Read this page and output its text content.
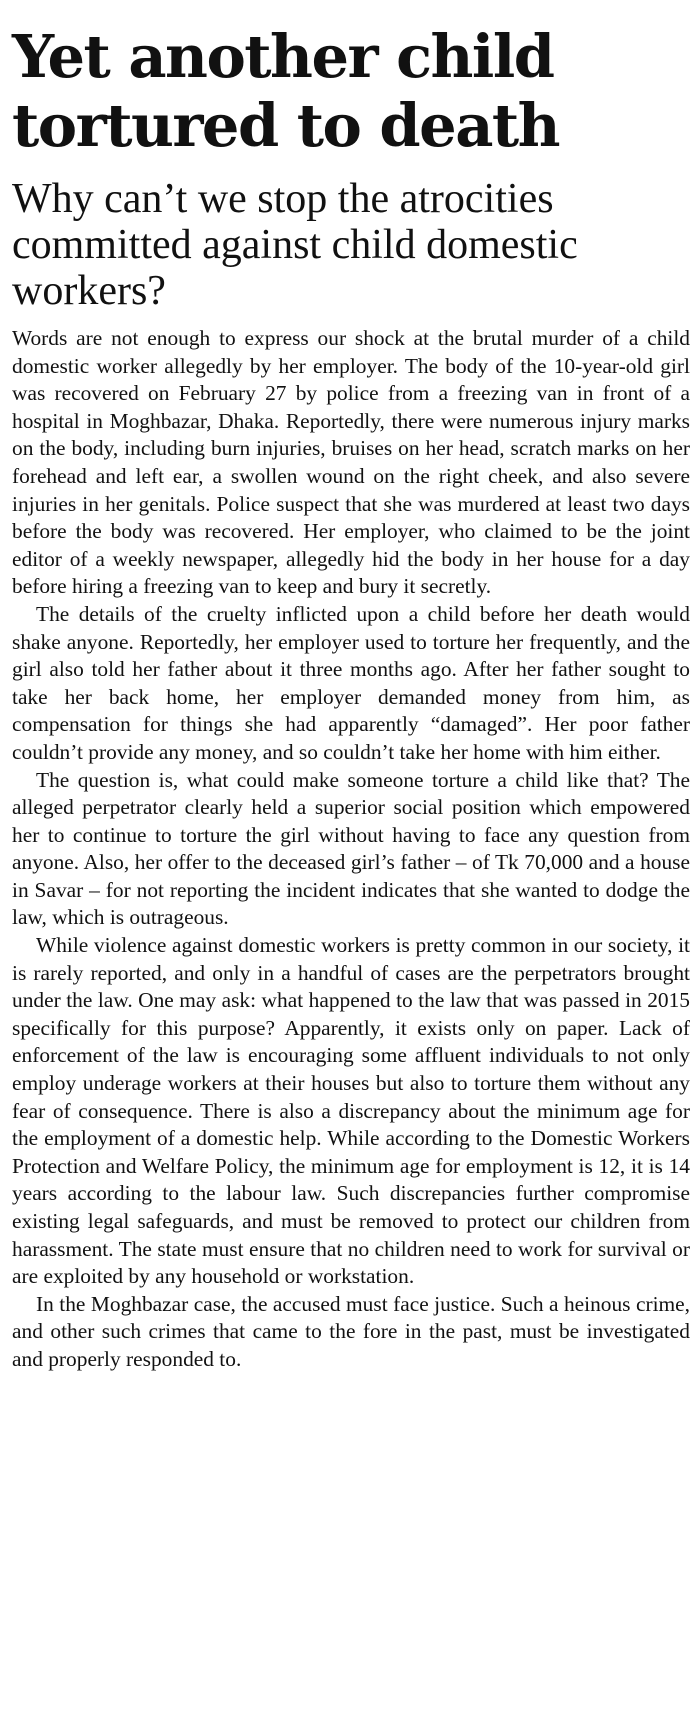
Yet another child tortured to death
Why can’t we stop the atrocities committed against child domestic workers?

Words are not enough to express our shock at the brutal murder of a child domestic worker allegedly by her employer. The body of the 10-year-old girl was recovered on February 27 by police from a freezing van in front of a hospital in Moghbazar, Dhaka. Reportedly, there were numerous injury marks on the body, including burn injuries, bruises on her head, scratch marks on her forehead and left ear, a swollen wound on the right cheek, and also severe injuries in her genitals. Police suspect that she was murdered at least two days before the body was recovered. Her employer, who claimed to be the joint editor of a weekly newspaper, allegedly hid the body in her house for a day before hiring a freezing van to keep and bury it secretly.

The details of the cruelty inflicted upon a child before her death would shake anyone. Reportedly, her employer used to torture her frequently, and the girl also told her father about it three months ago. After her father sought to take her back home, her employer demanded money from him, as compensation for things she had apparently “damaged”. Her poor father couldn’t provide any money, and so couldn’t take her home with him either.

The question is, what could make someone torture a child like that? The alleged perpetrator clearly held a superior social position which empowered her to continue to torture the girl without having to face any question from anyone. Also, her offer to the deceased girl’s father – of Tk 70,000 and a house in Savar – for not reporting the incident indicates that she wanted to dodge the law, which is outrageous.

While violence against domestic workers is pretty common in our society, it is rarely reported, and only in a handful of cases are the perpetrators brought under the law. One may ask: what happened to the law that was passed in 2015 specifically for this purpose? Apparently, it exists only on paper. Lack of enforcement of the law is encouraging some affluent individuals to not only employ underage workers at their houses but also to torture them without any fear of consequence. There is also a discrepancy about the minimum age for the employment of a domestic help. While according to the Domestic Workers Protection and Welfare Policy, the minimum age for employment is 12, it is 14 years according to the labour law. Such discrepancies further compromise existing legal safeguards, and must be removed to protect our children from harassment. The state must ensure that no children need to work for survival or are exploited by any household or workstation.

In the Moghbazar case, the accused must face justice. Such a heinous crime, and other such crimes that came to the fore in the past, must be investigated and properly responded to.
